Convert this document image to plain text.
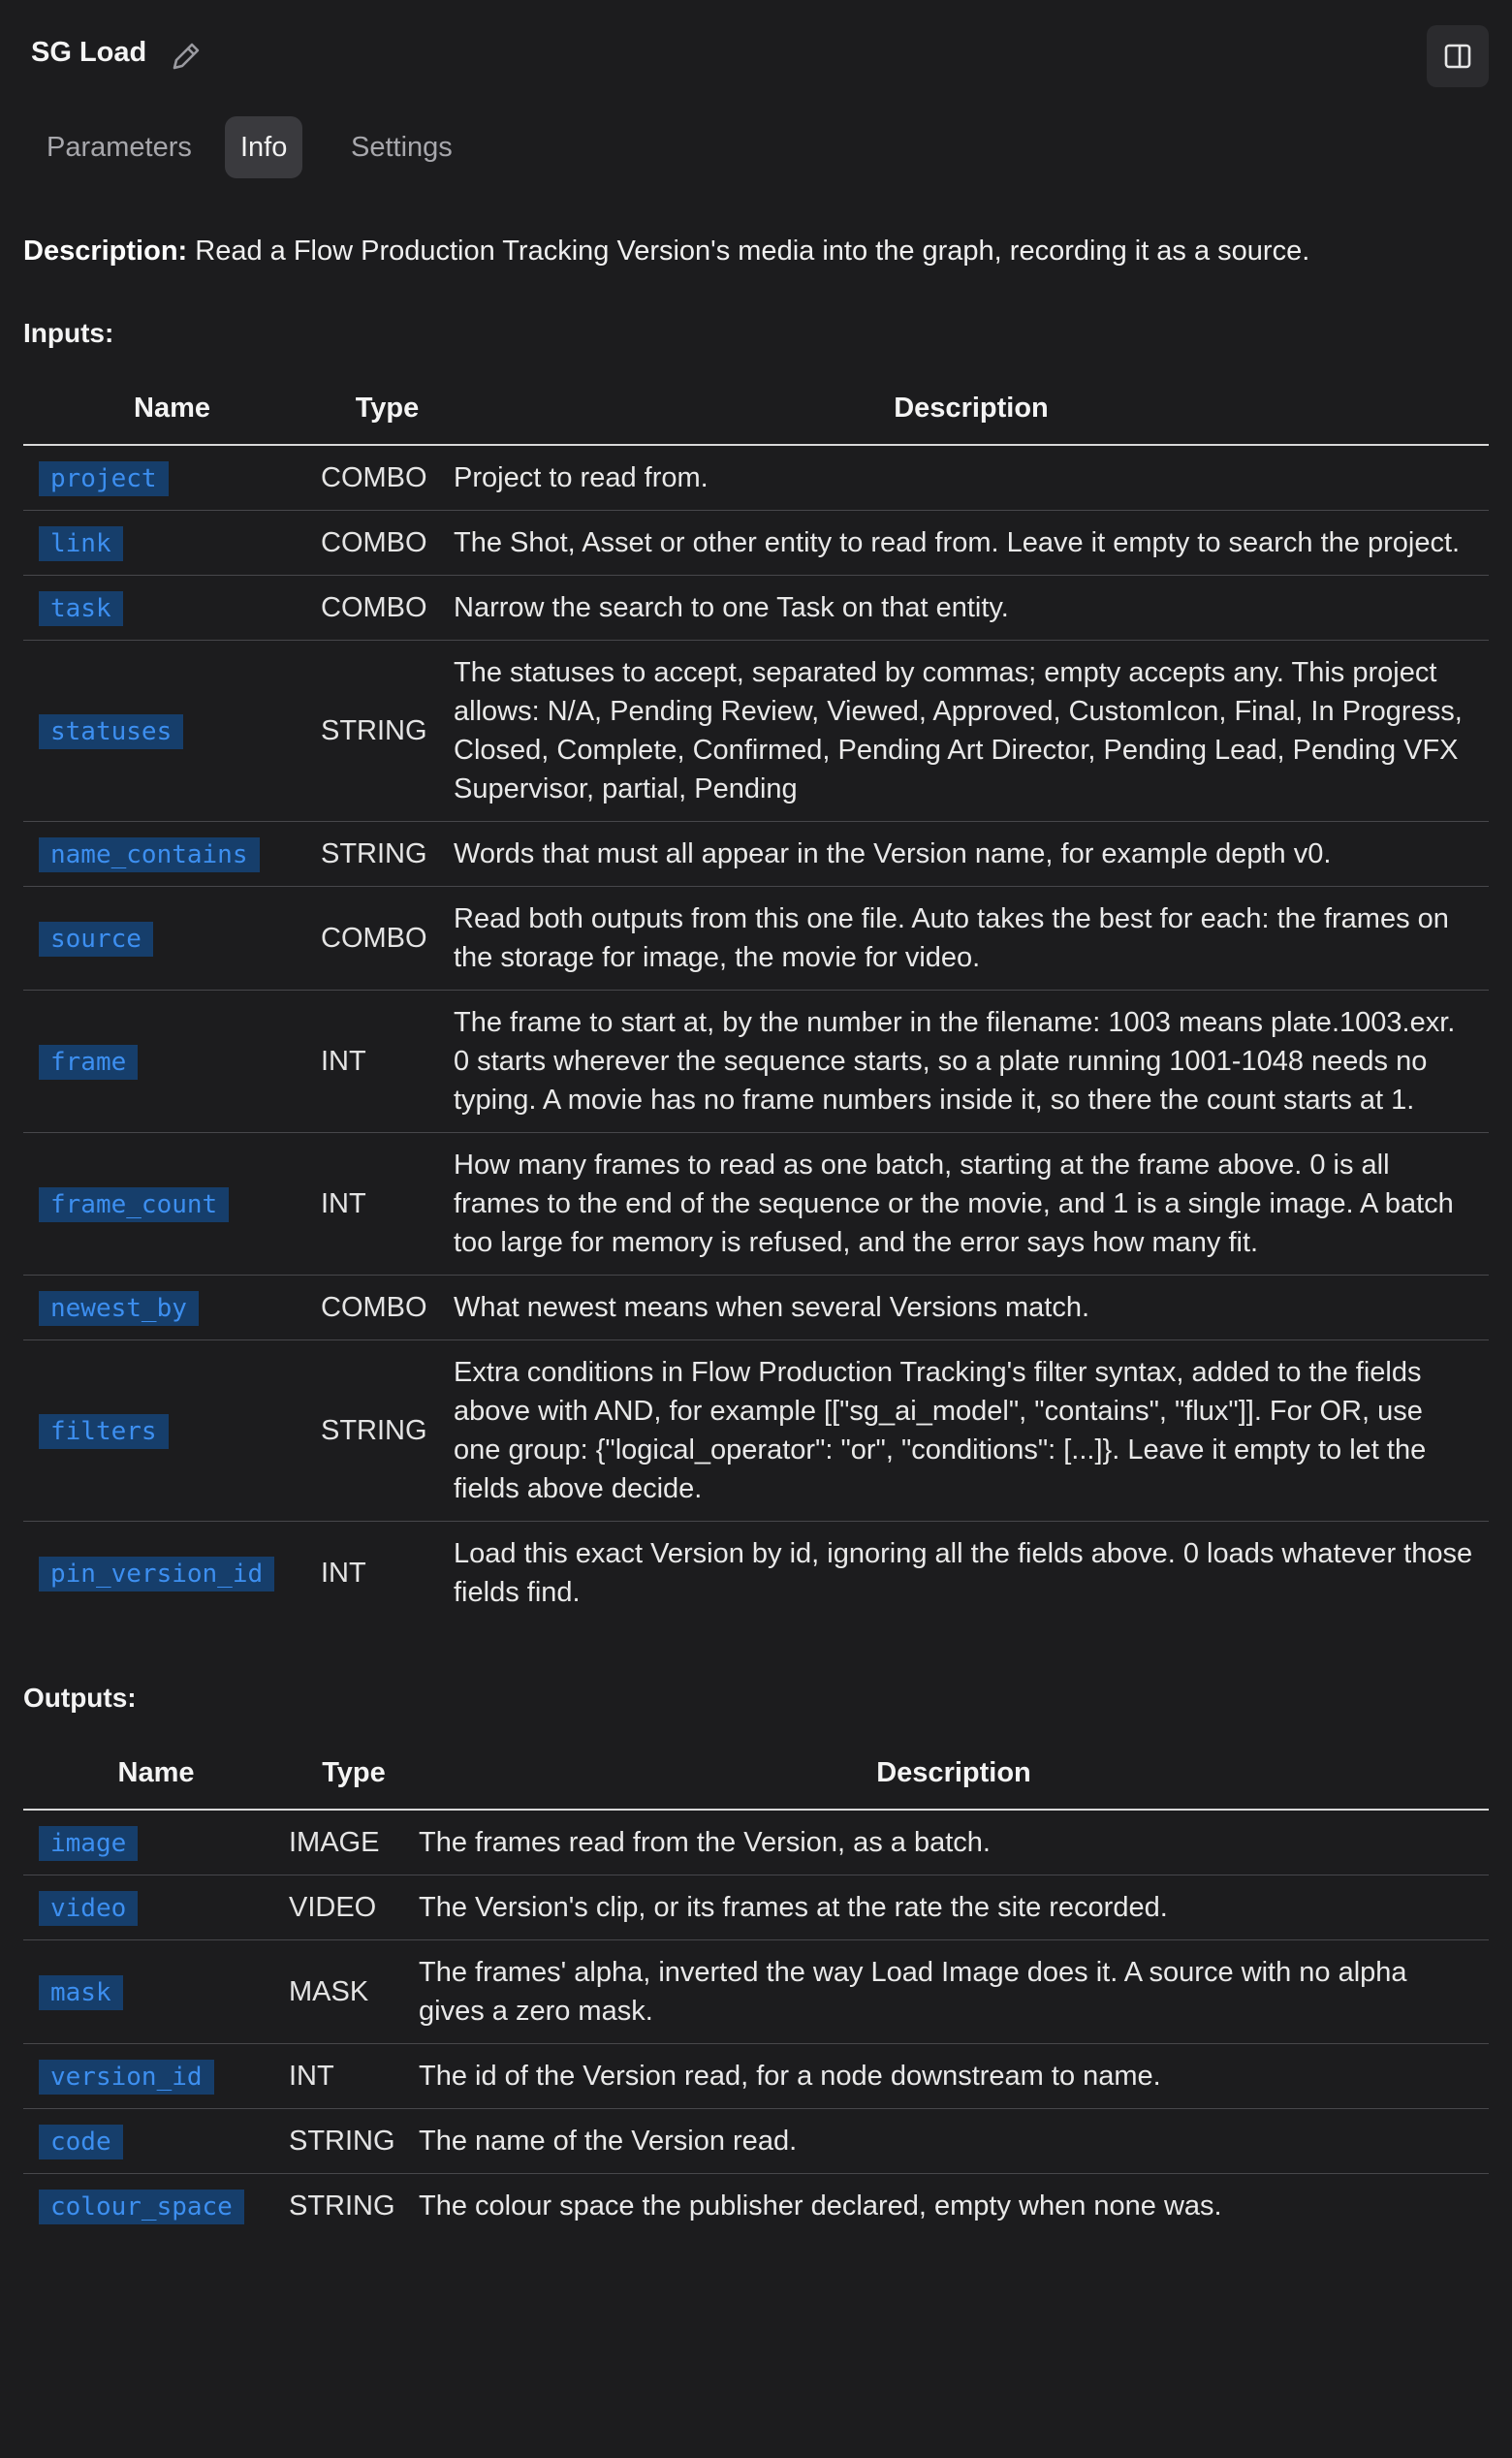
SG Load
Parameters	Info	Settings
Description: Read a Flow Production Tracking Version's media into the graph, recording it as a source.
Inputs:
Name	Type	Description
project	COMBO	Project to read from.
link	COMBO	The Shot, Asset or other entity to read from. Leave it empty to search the project.
task	COMBO	Narrow the search to one Task on that entity.
statuses	STRING	The statuses to accept, separated by commas; empty accepts any. This project allows: N/A, Pending Review, Viewed, Approved, CustomIcon, Final, In Progress, Closed, Complete, Confirmed, Pending Art Director, Pending Lead, Pending VFX Supervisor, partial, Pending
name_contains	STRING	Words that must all appear in the Version name, for example depth v0.
source	COMBO	Read both outputs from this one file. Auto takes the best for each: the frames on the storage for image, the movie for video.
frame	INT	The frame to start at, by the number in the filename: 1003 means plate.1003.exr. 0 starts wherever the sequence starts, so a plate running 1001-1048 needs no typing. A movie has no frame numbers inside it, so there the count starts at 1.
frame_count	INT	How many frames to read as one batch, starting at the frame above. 0 is all frames to the end of the sequence or the movie, and 1 is a single image. A batch too large for memory is refused, and the error says how many fit.
newest_by	COMBO	What newest means when several Versions match.
filters	STRING	Extra conditions in Flow Production Tracking's filter syntax, added to the fields above with AND, for example [["sg_ai_model", "contains", "flux"]]. For OR, use one group: {"logical_operator": "or", "conditions": [...]}. Leave it empty to let the fields above decide.
pin_version_id	INT	Load this exact Version by id, ignoring all the fields above. 0 loads whatever those fields find.
Outputs:
Name	Type	Description
image	IMAGE	The frames read from the Version, as a batch.
video	VIDEO	The Version's clip, or its frames at the rate the site recorded.
mask	MASK	The frames' alpha, inverted the way Load Image does it. A source with no alpha gives a zero mask.
version_id	INT	The id of the Version read, for a node downstream to name.
code	STRING	The name of the Version read.
colour_space	STRING	The colour space the publisher declared, empty when none was.
